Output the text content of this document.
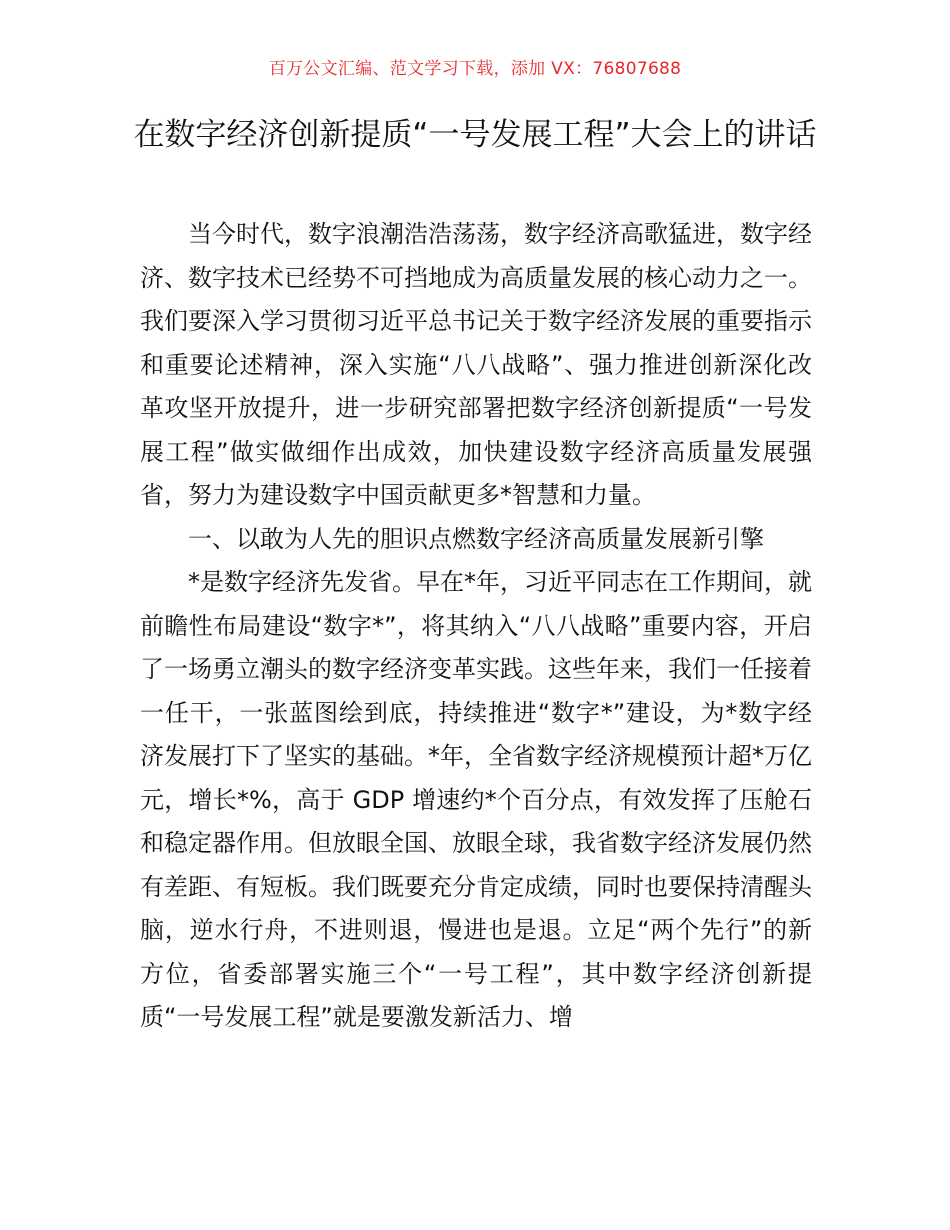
百万公文汇编、范文学习下载，添加 VX：76807688
在数字经济创新提质“一号发展工程”大会上的讲话

当今时代，数字浪潮浩浩荡荡，数字经济高歌猛进，数字经济、数字技术已经势不可挡地成为高质量发展的核心动力之一。我们要深入学习贯彻习近平总书记关于数字经济发展的重要指示和重要论述精神，深入实施“八八战略”、强力推进创新深化改革攻坚开放提升，进一步研究部署把数字经济创新提质“一号发展工程”做实做细作出成效，加快建设数字经济高质量发展强省，努力为建设数字中国贡献更多*智慧和力量。

一、以敢为人先的胆识点燃数字经济高质量发展新引擎

*是数字经济先发省。早在*年，习近平同志在工作期间，就前瞻性布局建设“数字*”，将其纳入“八八战略”重要内容，开启了一场勇立潮头的数字经济变革实践。这些年来，我们一任接着一任干，一张蓝图绘到底，持续推进“数字*”建设，为*数字经济发展打下了坚实的基础。*年，全省数字经济规模预计超*万亿元，增长*%，高于 GDP 增速约*个百分点，有效发挥了压舱石和稳定器作用。但放眼全国、放眼全球，我省数字经济发展仍然有差距、有短板。我们既要充分肯定成绩，同时也要保持清醒头脑，逆水行舟，不进则退，慢进也是退。立足“两个先行”的新方位，省委部署实施三个“一号工程”，其中数字经济创新提质“一号发展工程”就是要激发新活力、增
